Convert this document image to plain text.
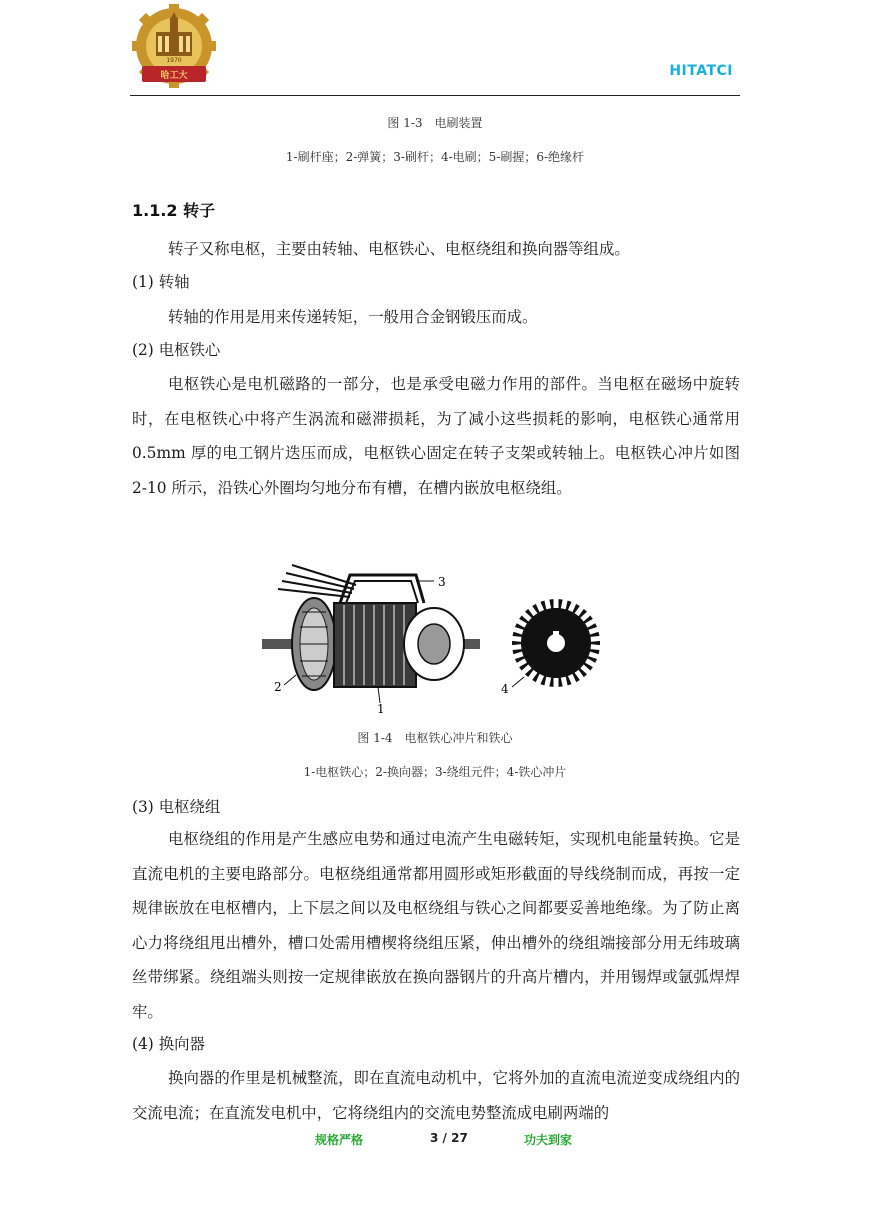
1970
哈工大	HITATCI
图 1-3　电刷装置
1-刷杆座；2-弹簧；3-刷杆；4-电刷；5-刷握；6-绝缘杆
1.1.2 转子

转子又称电枢，主要由转轴、电枢铁心、电枢绕组和换向器等组成。

(1) 转轴

转轴的作用是用来传递转矩，一般用合金钢锻压而成。

(2) 电枢铁心

电枢铁心是电机磁路的一部分，也是承受电磁力作用的部件。当电枢在磁场中旋转时，在电枢铁心中将产生涡流和磁滞损耗，为了减小这些损耗的影响，电枢铁心通常用 0.5mm 厚的电工钢片迭压而成，电枢铁心固定在转子支架或转轴上。电枢铁心冲片如图 2-10 所示，沿铁心外圈均匀地分布有槽，在槽内嵌放电枢绕组。

3
2
1
4
图 1-4　电枢铁心冲片和铁心
1-电枢铁心；2-换向器；3-绕组元件；4-铁心冲片
(3) 电枢绕组

电枢绕组的作用是产生感应电势和通过电流产生电磁转矩，实现机电能量转换。它是直流电机的主要电路部分。电枢绕组通常都用圆形或矩形截面的导线绕制而成，再按一定规律嵌放在电枢槽内，上下层之间以及电枢绕组与铁心之间都要妥善地绝缘。为了防止离心力将绕组甩出槽外，槽口处需用槽楔将绕组压紧，伸出槽外的绕组端接部分用无纬玻璃丝带绑紧。绕组端头则按一定规律嵌放在换向器钢片的升高片槽内，并用锡焊或氩弧焊焊牢。

(4) 换向器

换向器的作里是机械整流，即在直流电动机中，它将外加的直流电流逆变成绕组内的交流电流；在直流发电机中，它将绕组内的交流电势整流成电刷两端的

规格严格	3 / 27	功夫到家
